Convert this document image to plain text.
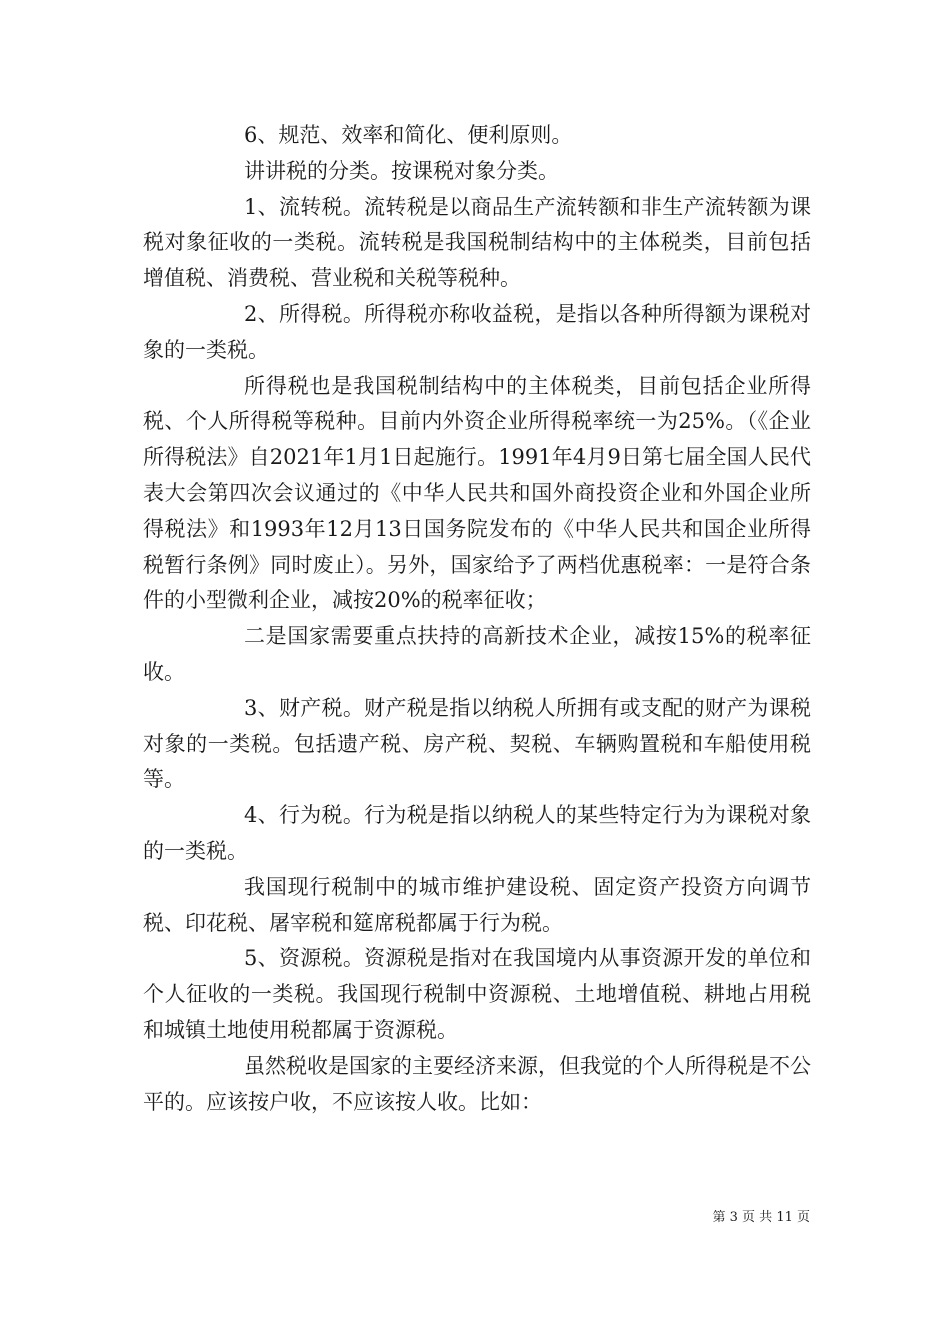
6、规范、效率和简化、便利原则。

讲讲税的分类。按课税对象分类。

1、流转税。流转税是以商品生产流转额和非生产流转额为课税对象征收的一类税。流转税是我国税制结构中的主体税类，目前包括增值税、消费税、营业税和关税等税种。

2、所得税。所得税亦称收益税，是指以各种所得额为课税对象的一类税。

所得税也是我国税制结构中的主体税类，目前包括企业所得税、个人所得税等税种。目前内外资企业所得税率统一为25%。（《企业所得税法》自2021年1月1日起施行。1991年4月9日第七届全国人民代表大会第四次会议通过的《中华人民共和国外商投资企业和外国企业所得税法》和1993年12月13日国务院发布的《中华人民共和国企业所得税暂行条例》同时废止）。另外，国家给予了两档优惠税率：一是符合条件的小型微利企业，减按20%的税率征收；

二是国家需要重点扶持的高新技术企业，减按15%的税率征收。

3、财产税。财产税是指以纳税人所拥有或支配的财产为课税对象的一类税。包括遗产税、房产税、契税、车辆购置税和车船使用税等。

4、行为税。行为税是指以纳税人的某些特定行为为课税对象的一类税。

我国现行税制中的城市维护建设税、固定资产投资方向调节税、印花税、屠宰税和筵席税都属于行为税。

5、资源税。资源税是指对在我国境内从事资源开发的单位和个人征收的一类税。我国现行税制中资源税、土地增值税、耕地占用税和城镇土地使用税都属于资源税。

虽然税收是国家的主要经济来源，但我觉的个人所得税是不公平的。应该按户收，不应该按人收。比如：

第 3 页 共 11 页
